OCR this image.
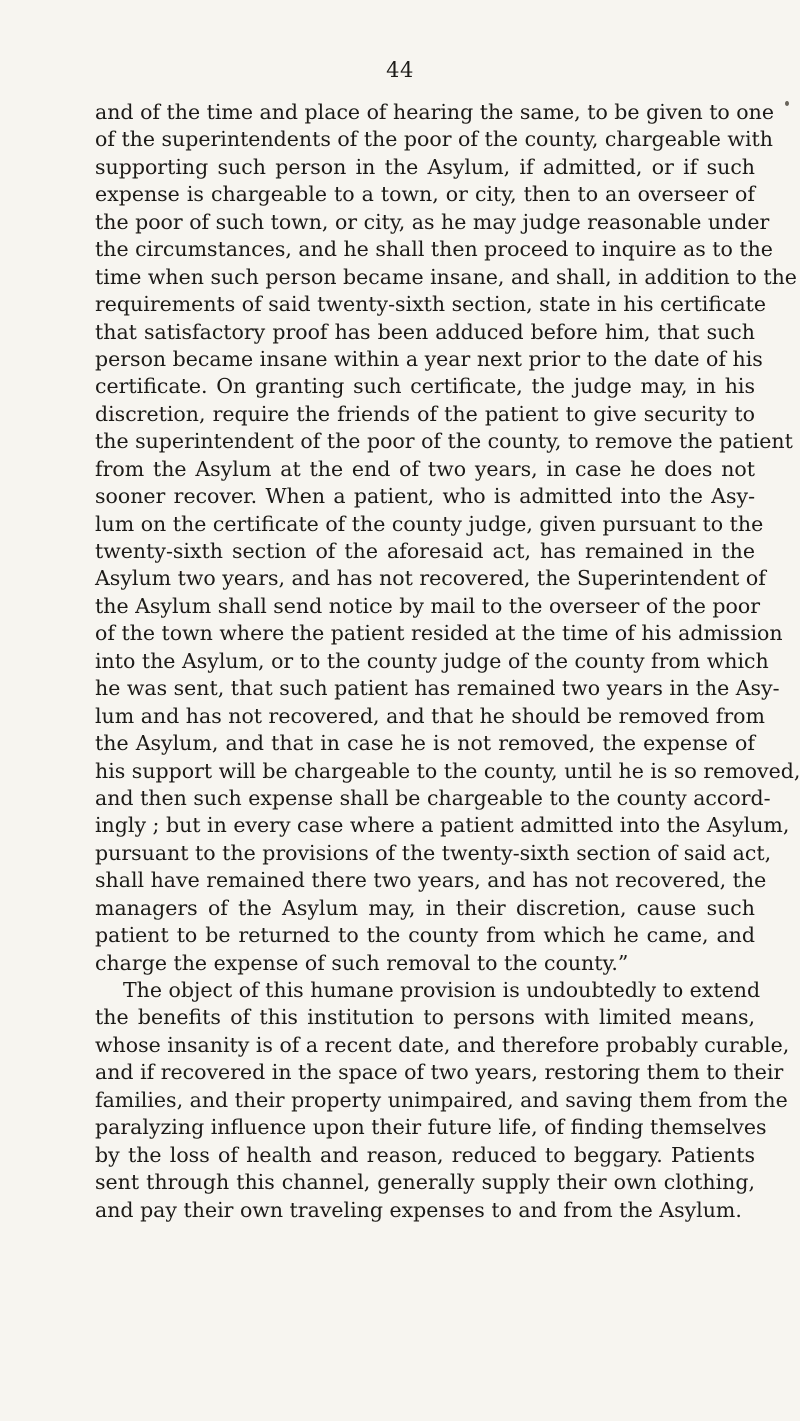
44
and of the time and place of hearing the same, to be given to one
of the superintendents of the poor of the county, chargeable with
supporting such person in the Asylum, if admitted, or if such
expense is chargeable to a town, or city, then to an overseer of
the poor of such town, or city, as he may judge reasonable under
the circumstances, and he shall then proceed to inquire as to the
time when such person became insane, and shall, in addition to the
requirements of said twenty-sixth section, state in his certificate
that satisfactory proof has been adduced before him, that such
person became insane within a year next prior to the date of his
certificate. On granting such certificate, the judge may, in his
discretion, require the friends of the patient to give security to
the superintendent of the poor of the county, to remove the patient
from the Asylum at the end of two years, in case he does not
sooner recover. When a patient, who is admitted into the Asy-
lum on the certificate of the county judge, given pursuant to the
twenty-sixth section of the aforesaid act, has remained in the
Asylum two years, and has not recovered, the Superintendent of
the Asylum shall send notice by mail to the overseer of the poor
of the town where the patient resided at the time of his admission
into the Asylum, or to the county judge of the county from which
he was sent, that such patient has remained two years in the Asy-
lum and has not recovered, and that he should be removed from
the Asylum, and that in case he is not removed, the expense of
his support will be chargeable to the county, until he is so removed,
and then such expense shall be chargeable to the county accord-
ingly ; but in every case where a patient admitted into the Asylum,
pursuant to the provisions of the twenty-sixth section of said act,
shall have remained there two years, and has not recovered, the
managers of the Asylum may, in their discretion, cause such
patient to be returned to the county from which he came, and
charge the expense of such removal to the county.”
The object of this humane provision is undoubtedly to extend
the benefits of this institution to persons with limited means,
whose insanity is of a recent date, and therefore probably curable,
and if recovered in the space of two years, restoring them to their
families, and their property unimpaired, and saving them from the
paralyzing influence upon their future life, of finding themselves
by the loss of health and reason, reduced to beggary. Patients
sent through this channel, generally supply their own clothing,
and pay their own traveling expenses to and from the Asylum.
